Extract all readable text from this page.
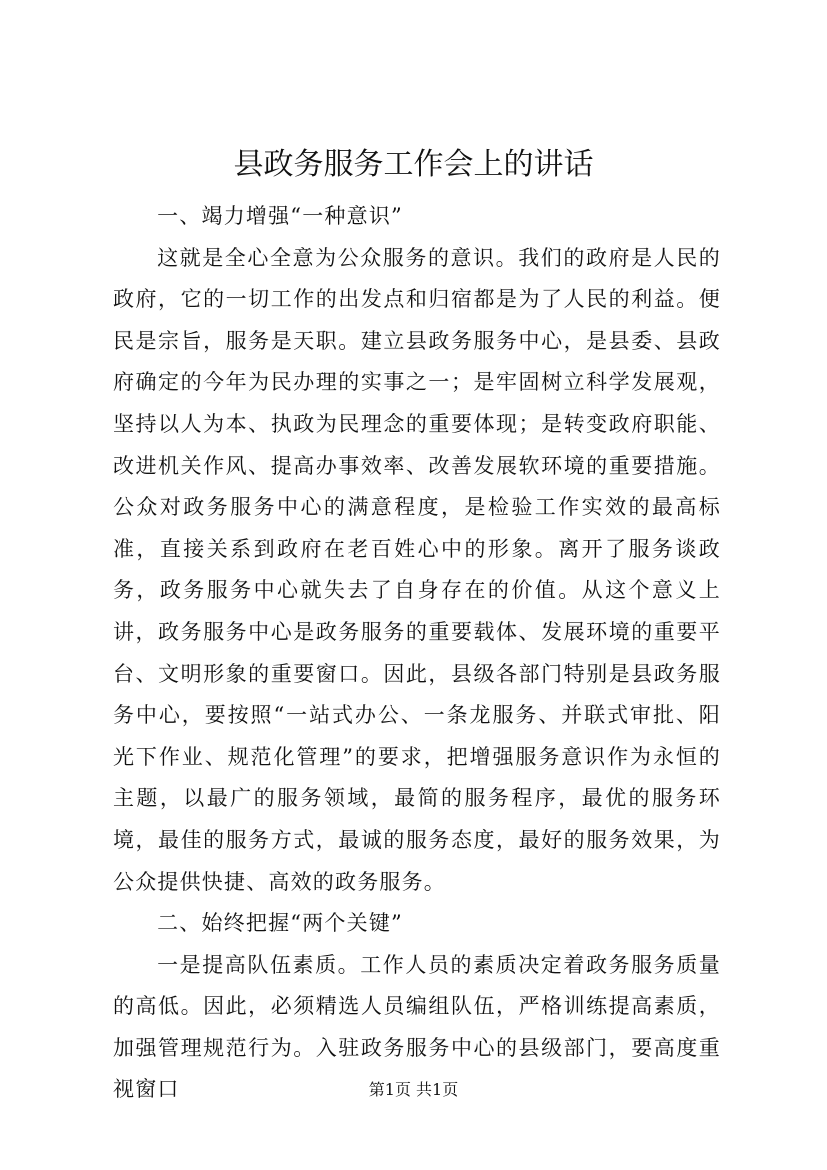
县政务服务工作会上的讲话

一、竭力增强“一种意识”

这就是全心全意为公众服务的意识。我们的政府是人民的政府，它的一切工作的出发点和归宿都是为了人民的利益。便民是宗旨，服务是天职。建立县政务服务中心，是县委、县政府确定的今年为民办理的实事之一；是牢固树立科学发展观，坚持以人为本、执政为民理念的重要体现；是转变政府职能、改进机关作风、提高办事效率、改善发展软环境的重要措施。公众对政务服务中心的满意程度，是检验工作实效的最高标准，直接关系到政府在老百姓心中的形象。离开了服务谈政务，政务服务中心就失去了自身存在的价值。从这个意义上讲，政务服务中心是政务服务的重要载体、发展环境的重要平台、文明形象的重要窗口。因此，县级各部门特别是县政务服务中心，要按照“一站式办公、一条龙服务、并联式审批、阳光下作业、规范化管理”的要求，把增强服务意识作为永恒的主题，以最广的服务领域，最简的服务程序，最优的服务环境，最佳的服务方式，最诚的服务态度，最好的服务效果，为公众提供快捷、高效的政务服务。

二、始终把握“两个关键”

一是提高队伍素质。工作人员的素质决定着政务服务质量的高低。因此，必须精选人员编组队伍，严格训练提高素质，加强管理规范行为。入驻政务服务中心的县级部门，要高度重视窗口	第1页 共1页
